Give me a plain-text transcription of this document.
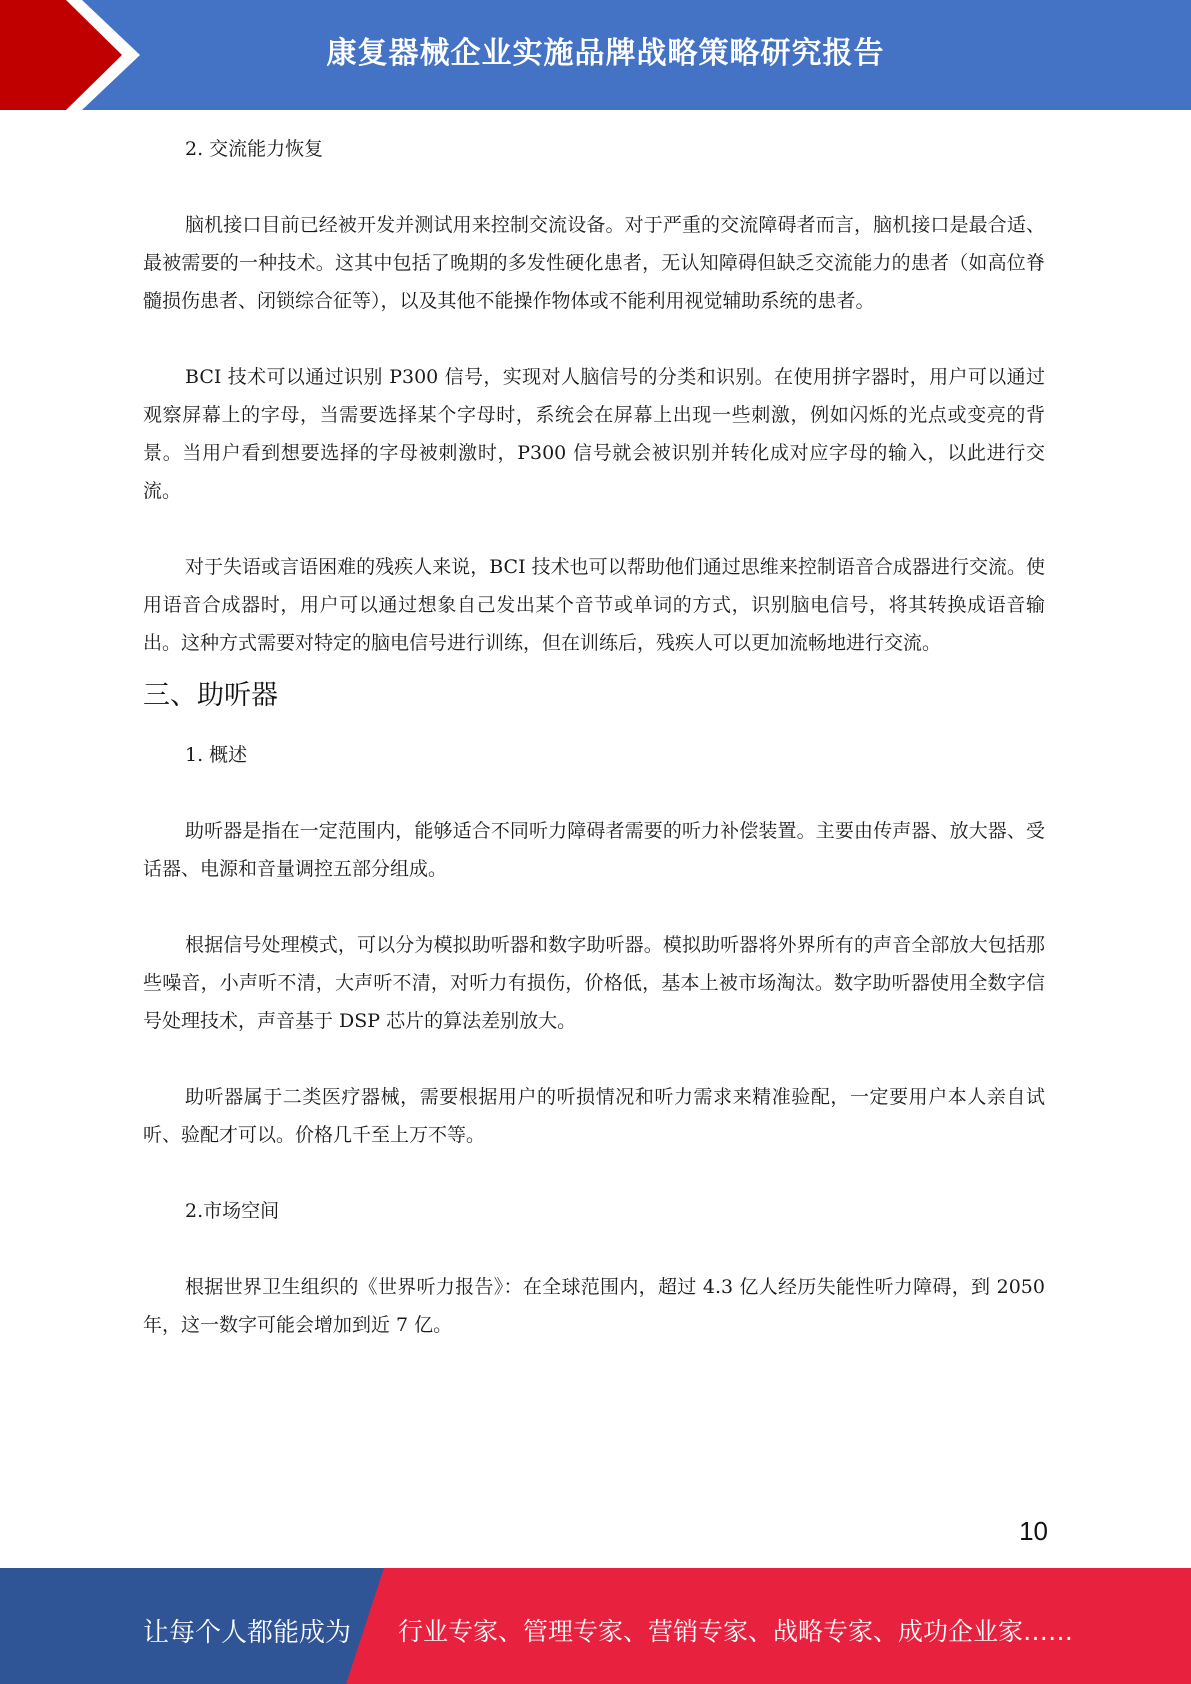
康复器械企业实施品牌战略策略研究报告

2. 交流能力恢复

脑机接口目前已经被开发并测试用来控制交流设备。对于严重的交流障碍者而言，脑机接口是最合适、最被需要的一种技术。这其中包括了晚期的多发性硬化患者，无认知障碍但缺乏交流能力的患者（如高位脊髓损伤患者、闭锁综合征等），以及其他不能操作物体或不能利用视觉辅助系统的患者。

BCI 技术可以通过识别 P300 信号，实现对人脑信号的分类和识别。在使用拼字器时，用户可以通过观察屏幕上的字母，当需要选择某个字母时，系统会在屏幕上出现一些刺激，例如闪烁的光点或变亮的背景。当用户看到想要选择的字母被刺激时，P300 信号就会被识别并转化成对应字母的输入，以此进行交流。

对于失语或言语困难的残疾人来说，BCI 技术也可以帮助他们通过思维来控制语音合成器进行交流。使用语音合成器时，用户可以通过想象自己发出某个音节或单词的方式，识别脑电信号，将其转换成语音输出。这种方式需要对特定的脑电信号进行训练，但在训练后，残疾人可以更加流畅地进行交流。

三、助听器

1. 概述

助听器是指在一定范围内，能够适合不同听力障碍者需要的听力补偿装置。主要由传声器、放大器、受话器、电源和音量调控五部分组成。

根据信号处理模式，可以分为模拟助听器和数字助听器。模拟助听器将外界所有的声音全部放大包括那些噪音，小声听不清，大声听不清，对听力有损伤，价格低，基本上被市场淘汰。数字助听器使用全数字信号处理技术，声音基于 DSP 芯片的算法差别放大。

助听器属于二类医疗器械，需要根据用户的听损情况和听力需求来精准验配，一定要用户本人亲自试听、验配才可以。价格几千至上万不等。

2.市场空间

根据世界卫生组织的《世界听力报告》：在全球范围内，超过 4.3 亿人经历失能性听力障碍，到 2050 年，这一数字可能会增加到近 7 亿。

10
让每个人都能成为 行业专家、管理专家、营销专家、战略专家、成功企业家……
